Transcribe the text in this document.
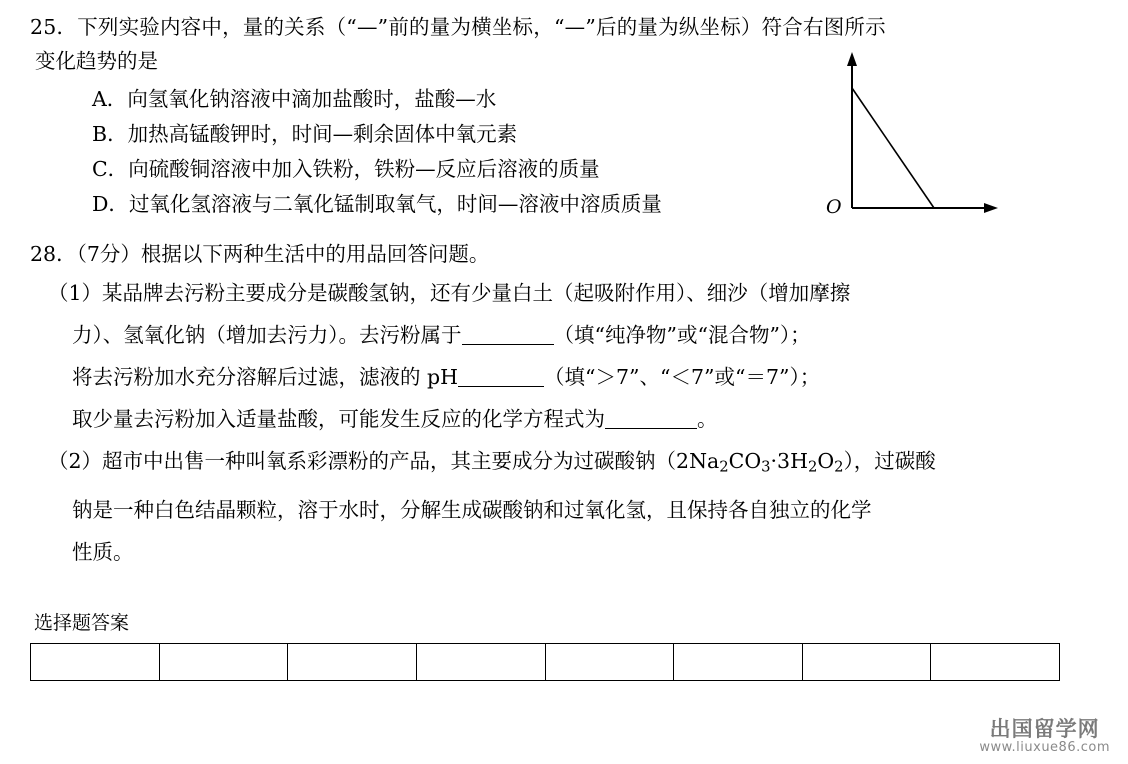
25．下列实验内容中，量的关系（“—”前的量为横坐标，“—”后的量为纵坐标）符合右图所示
变化趋势的是
A．向氢氧化钠溶液中滴加盐酸时，盐酸—水
B．加热高锰酸钾时，时间—剩余固体中氧元素
C．向硫酸铜溶液中加入铁粉，铁粉—反应后溶液的质量
D．过氧化氢溶液与二氧化锰制取氧气，时间—溶液中溶质质量	O
28．（7分）根据以下两种生活中的用品回答问题。
（1）某品牌去污粉主要成分是碳酸氢钠，还有少量白土（起吸附作用）、细沙（增加摩擦
力）、氢氧化钠（增加去污力）。去污粉属于	（填“纯净物”或“混合物”）；
将去污粉加水充分溶解后过滤，滤液的 pH	（填“＞7”、“＜7”或“＝7”）；
取少量去污粉加入适量盐酸，可能发生反应的化学方程式为	。
（2）超市中出售一种叫氧系彩漂粉的产品，其主要成分为过碳酸钠$(2Na_2CO_3\cdot 3H_2O_2)$，过碳酸
钠是一种白色结晶颗粒，溶于水时，分解生成碳酸钠和过氧化氢，且保持各自独立的化学
性质。
选择题答案

出国留学网
www.liuxue86.com
